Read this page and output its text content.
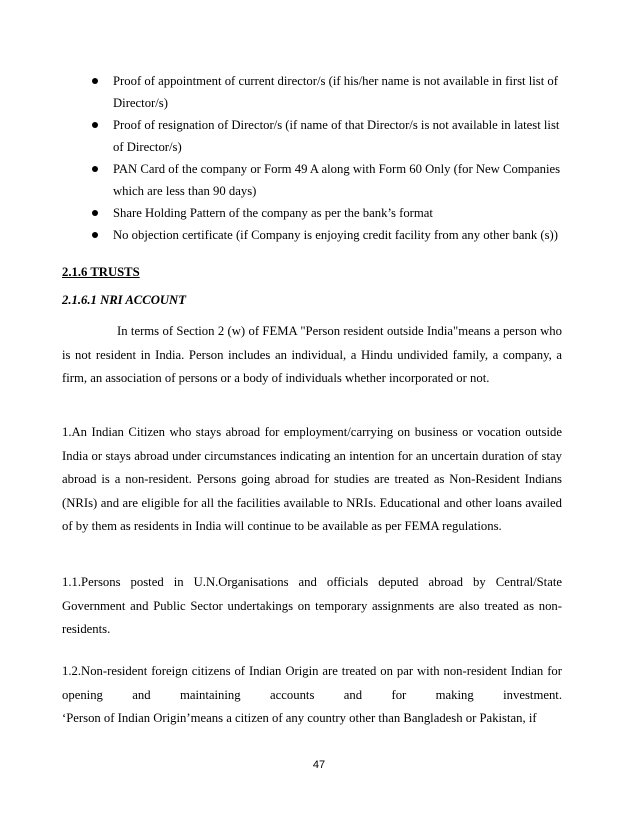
Proof of appointment of current director/s (if his/her name is not available in first list of
Director/s)
Proof of resignation of Director/s (if name of that Director/s is not available in latest list
of Director/s)
PAN Card of the company or Form 49 A along with Form 60 Only (for New Companies
which are less than 90 days)
Share Holding Pattern of the company as per the bank’s format
No objection certificate (if Company is enjoying credit facility from any other bank (s))

2.1.6 TRUSTS

2.1.6.1 NRI ACCOUNT

In terms of Section 2 (w) of FEMA "Person resident outside India"means a person who is not resident in India. Person includes an individual, a Hindu undivided family, a company, a firm, an association of persons or a body of individuals whether incorporated or not.

1.An Indian Citizen who stays abroad for employment/carrying on business or vocation outside India or stays abroad under circumstances indicating an intention for an uncertain duration of stay abroad is a non-resident. Persons going abroad for studies are treated as Non-Resident Indians (NRIs) and are eligible for all the facilities available to NRIs. Educational and other loans availed of by them as residents in India will continue to be available as per FEMA regulations.

1.1.Persons posted in U.N.Organisations and officials deputed abroad by Central/State Government and Public Sector undertakings on temporary assignments are also treated as non-residents.

1.2.Non-resident foreign citizens of Indian Origin are treated on par with non-resident Indian for
opening and maintaining accounts and for making investment.
‘Person of Indian Origin’means a citizen of any country other than Bangladesh or Pakistan, if
47
